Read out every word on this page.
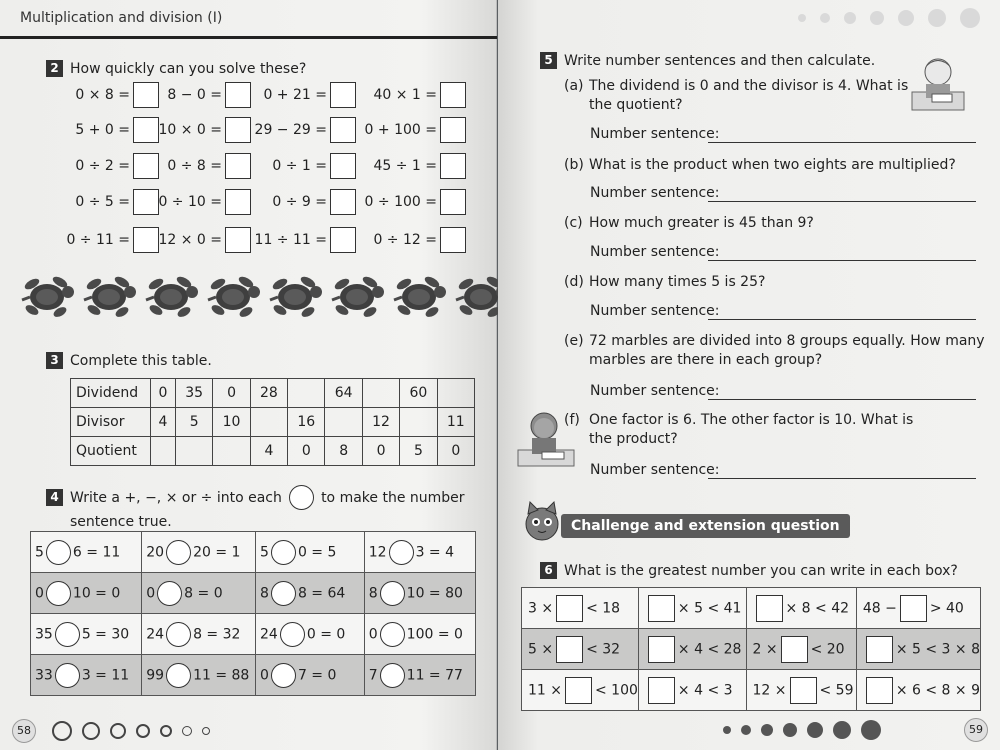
Multiplication and division (I)
2 How quickly can you solve these?
0 × 8 =	8 − 0 =	0 + 21 =	40 × 1 =
5 + 0 = 10 × 0 = 29 − 29 =	0 + 100 =
0 ÷ 2 =	0 ÷ 8 =	0 ÷ 1 =	45 ÷ 1 =
0 ÷ 5 = 0 ÷ 10 =	0 ÷ 9 =	0 ÷ 100 =
0 ÷ 11 = 12 × 0 = 11 ÷ 11 =	0 ÷ 12 =
3 Complete this table.
Dividend	0	35	0	28		64		60	
Divisor	4	5	10		16		12		11
Quotient				4	0	8	0	5	0
4 Write a +, −, × or ÷ into each	to make the number
sentence true.
5 6 = 11	20 20 = 1	5 0 = 5	12 3 = 4
0 10 = 0	0 8 = 0	8 8 = 64	8 10 = 80
35 5 = 30	24 8 = 32	24 0 = 0	0 100 = 0
33 3 = 11	99 11 = 88	0 7 = 0	7 11 = 77
58
5 Write number sentences and then calculate.
(a) The dividend is 0 and the divisor is 4. What is
the quotient?
Number sentence:
(b) What is the product when two eights are multiplied?
Number sentence:
(c) How much greater is 45 than 9?
Number sentence:
(d) How many times 5 is 25?
Number sentence:
(e) 72 marbles are divided into 8 groups equally. How many
marbles are there in each group?
Number sentence:
(f) One factor is 6. The other factor is 10. What is
the product?
Number sentence:
Challenge and extension question
6 What is the greatest number you can write in each box?
3 × < 18	× 5 < 41	× 8 < 42	48 − > 40
5 × < 32	× 4 < 28	2 × < 20	× 5 < 3 × 8
11 × < 100	× 4 < 3	12 × < 59	× 6 < 8 × 9
59
